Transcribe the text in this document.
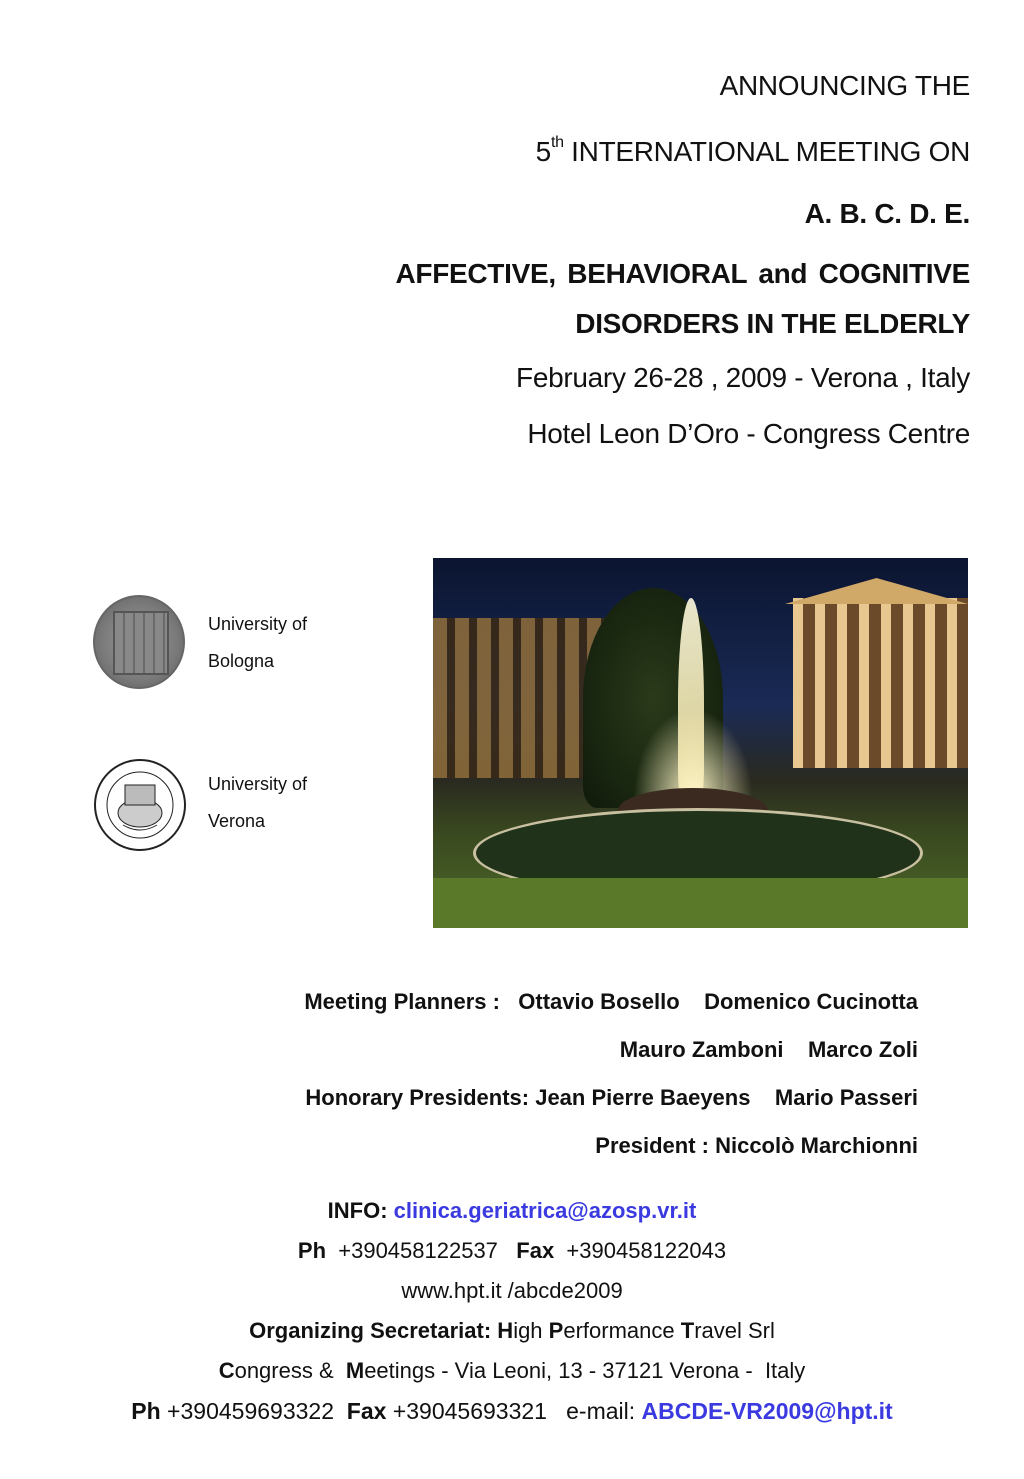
ANNOUNCING THE
5th INTERNATIONAL MEETING ON
A. B. C. D. E.
AFFECTIVE, BEHAVIORAL and COGNITIVE
DISORDERS IN THE ELDERLY
February 26-28 , 2009 - Verona , Italy
Hotel Leon D’Oro - Congress Centre
University of
Bologna
University of
Verona
Meeting Planners : Ottavio Bosello    Domenico Cucinotta
Mauro Zamboni    Marco Zoli
Honorary Presidents: Jean Pierre Baeyens    Mario Passeri
President : Niccolò Marchionni
INFO: clinica.geriatrica@azosp.vr.it
Ph +390458122537 Fax +390458122043
www.hpt.it /abcde2009
Organizing Secretariat: High Performance Travel Srl
Congress &  Meetings - Via Leoni, 13 - 37121 Verona -  Italy
Ph +390459693322  Fax +39045693321   e-mail: ABCDE-VR2009@hpt.it
